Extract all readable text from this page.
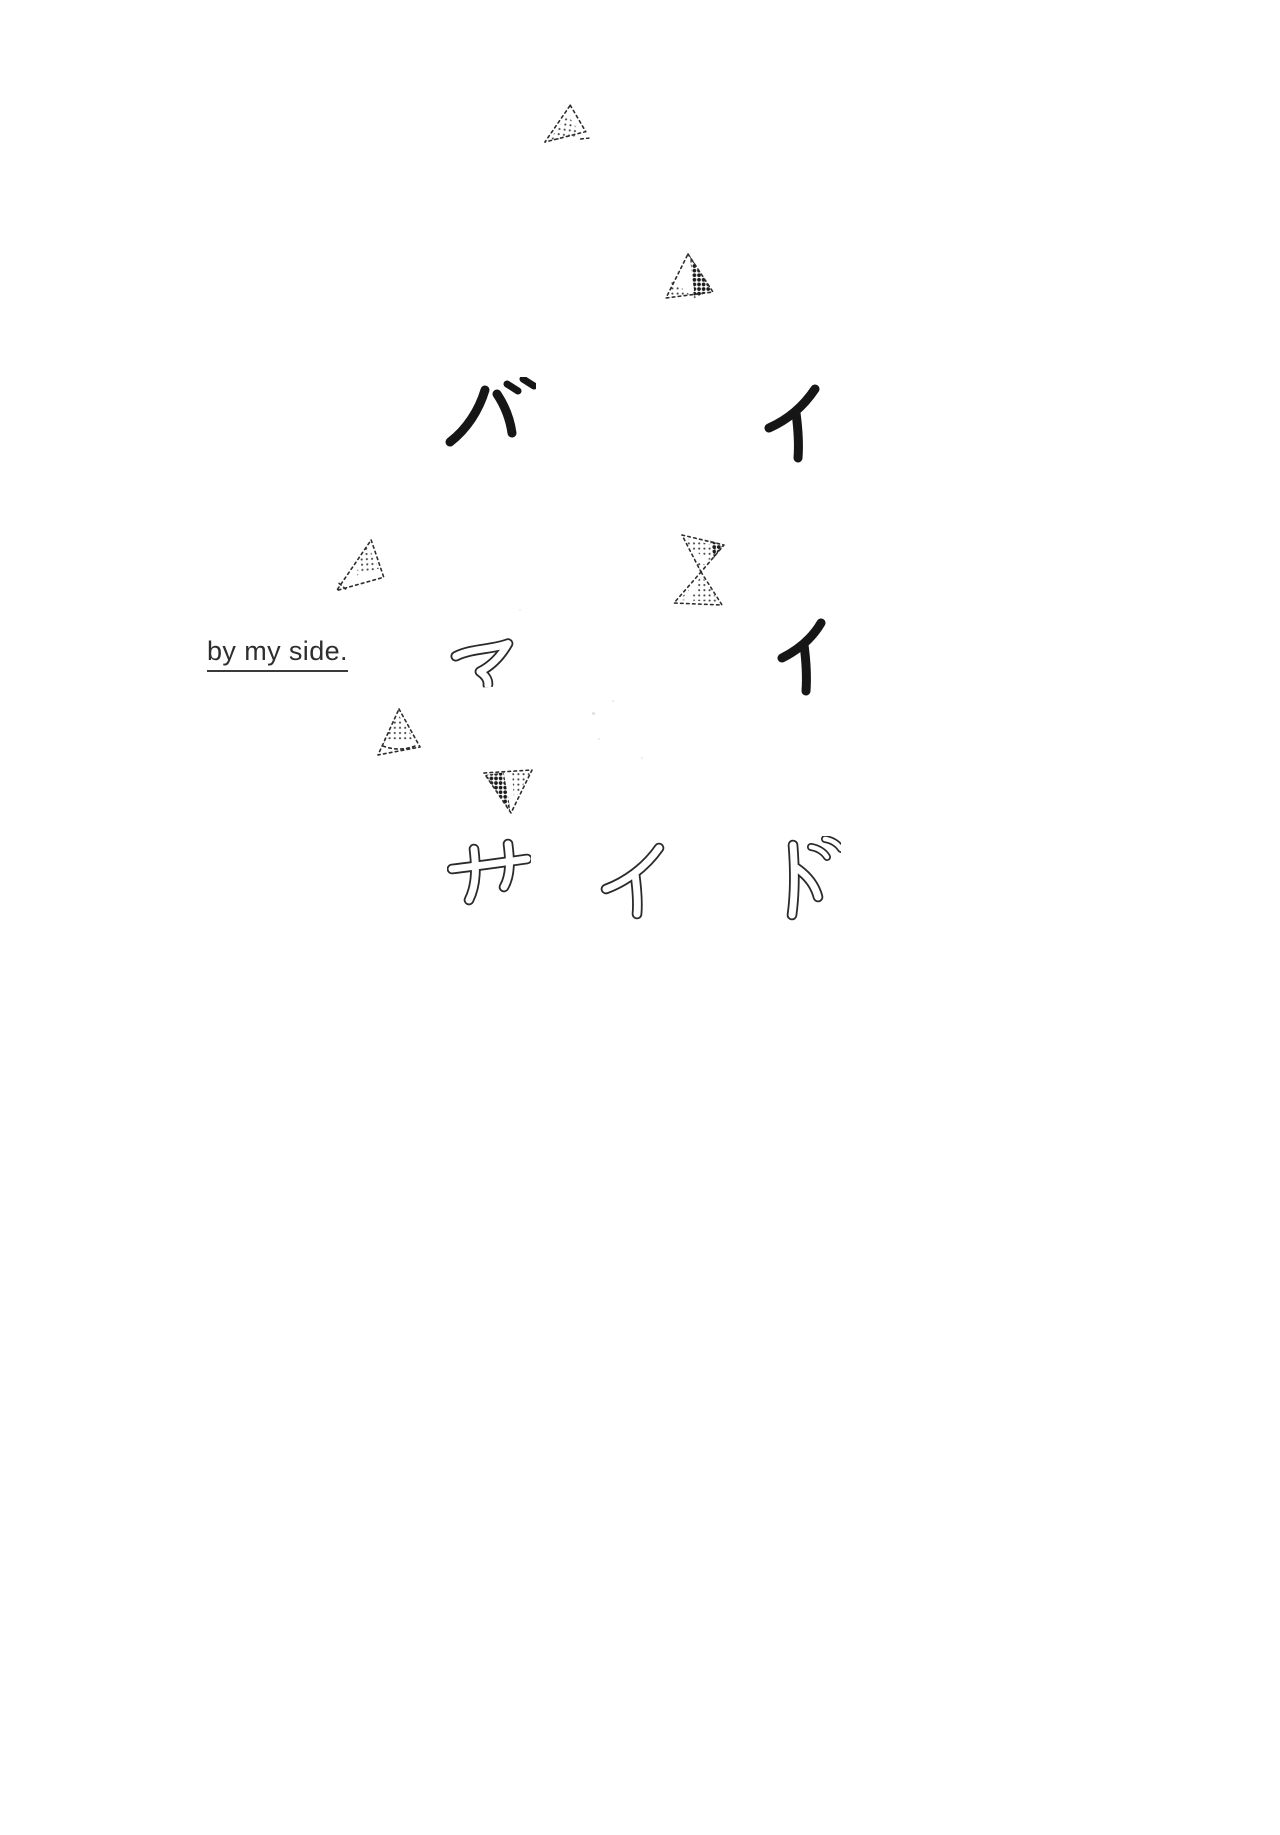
by my side.
